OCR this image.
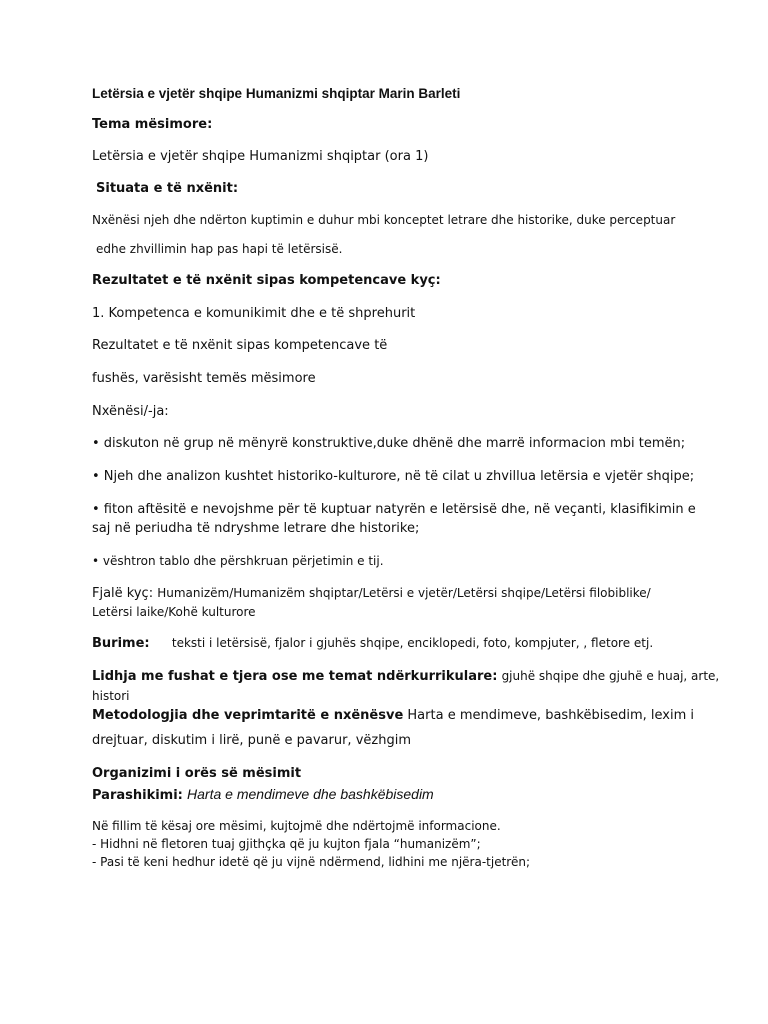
Letërsia e vjetër shqipe Humanizmi shqiptar Marin Barleti

Tema mësimore:

Letërsia e vjetër shqipe Humanizmi shqiptar (ora 1)

Situata e të nxënit:

Nxënësi njeh dhe ndërton kuptimin e duhur mbi konceptet letrare dhe historike, duke perceptuar

edhe zhvillimin hap pas hapi të letërsisë.

Rezultatet e të nxënit sipas kompetencave kyç:

1. Kompetenca e komunikimit dhe e të shprehurit

Rezultatet e të nxënit sipas kompetencave të

fushës, varësisht temës mësimore

Nxënësi/-ja:

• diskuton në grup në mënyrë konstruktive,duke dhënë dhe marrë informacion mbi temën;

• Njeh dhe analizon kushtet historiko-kulturore, në të cilat u zhvillua letërsia e vjetër shqipe;

• fiton aftësitë e nevojshme për të kuptuar natyrën e letërsisë dhe, në veçanti, klasifikimin e

saj në periudha të ndryshme letrare dhe historike;

• vështron tablo dhe përshkruan përjetimin e tij.

Fjalë kyç: Humanizëm/Humanizëm shqiptar/Letërsi e vjetër/Letërsi shqipe/Letërsi filobiblike/

Letërsi laike/Kohë kulturore

Burime: teksti i letërsisë, fjalor i gjuhës shqipe, enciklopedi, foto, kompjuter, , fletore etj.

Lidhja me fushat e tjera ose me temat ndërkurrikulare: gjuhë shqipe dhe gjuhë e huaj, arte,

histori

Metodologjia dhe veprimtaritë e nxënësve Harta e mendimeve, bashkëbisedim, lexim i

drejtuar, diskutim i lirë, punë e pavarur, vëzhgim

Organizimi i orës së mësimit

Parashikimi: Harta e mendimeve dhe bashkëbisedim

Në fillim të kësaj ore mësimi, kujtojmë dhe ndërtojmë informacione.

- Hidhni në fletoren tuaj gjithçka që ju kujton fjala “humanizëm”;

- Pasi të keni hedhur idetë që ju vijnë ndërmend, lidhini me njëra-tjetrën;
